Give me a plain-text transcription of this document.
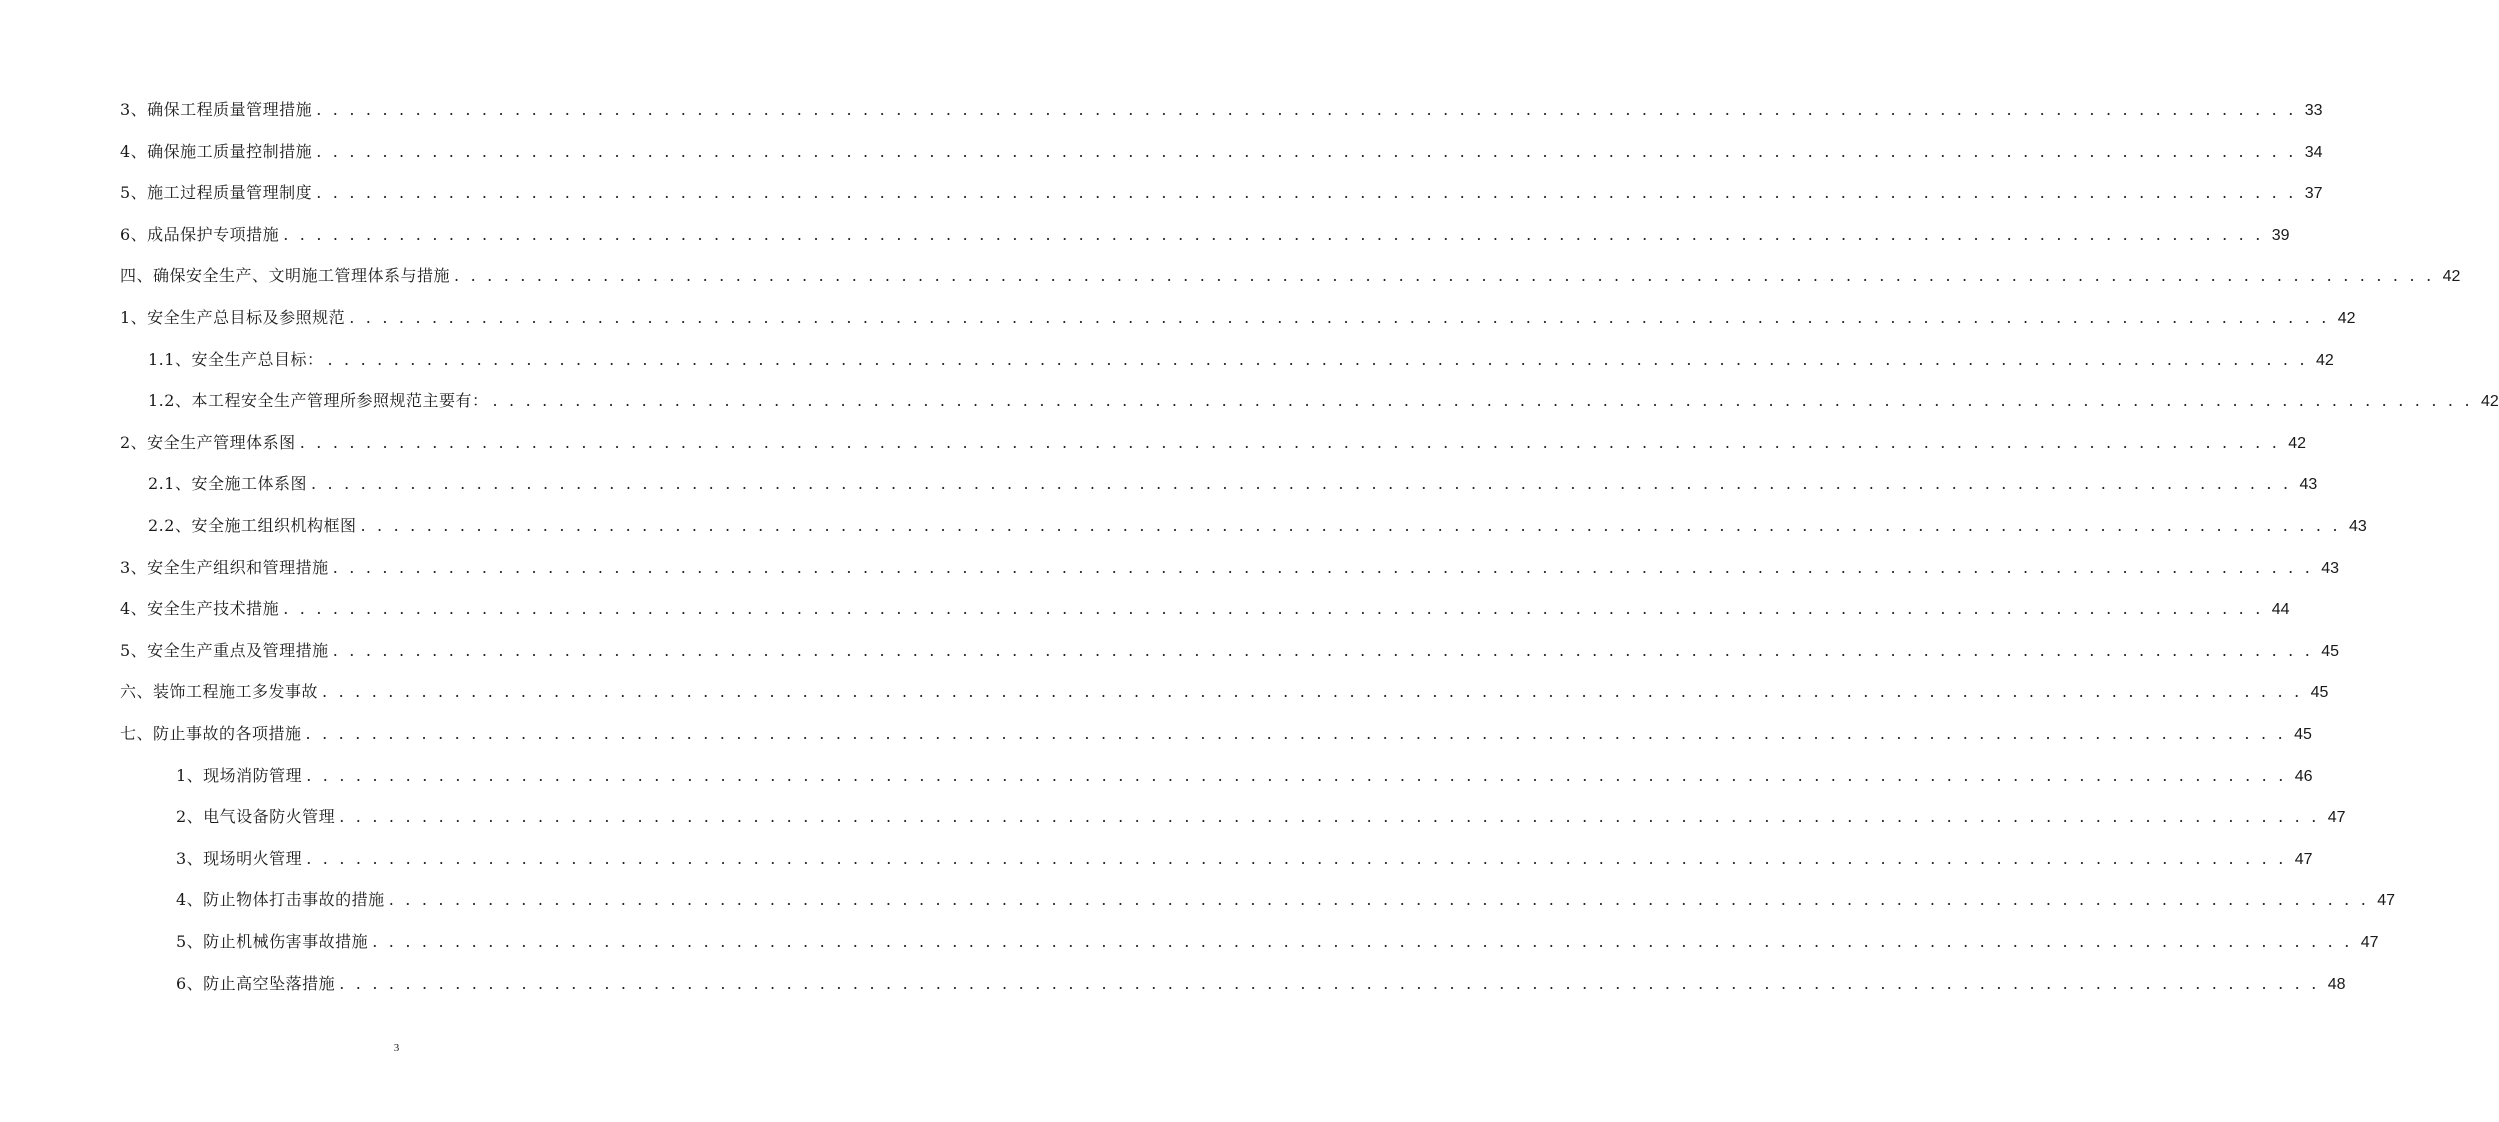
3、确保工程质量管理措施 . . . . . . . . . . . . . . . . . . . . . . . . . . . . . . . . . . . . . . . . . . . . . . . . . . . . . . . . . . . . . . . . . . . . . . . . . . . . . . . . . . . . . . . . . . . . . . . . . . . . . . . . . . . . . . . . . . . . . . . . 33
4、确保施工质量控制措施 . . . . . . . . . . . . . . . . . . . . . . . . . . . . . . . . . . . . . . . . . . . . . . . . . . . . . . . . . . . . . . . . . . . . . . . . . . . . . . . . . . . . . . . . . . . . . . . . . . . . . . . . . . . . . . . . . . . . . . . . 34
5、施工过程质量管理制度 . . . . . . . . . . . . . . . . . . . . . . . . . . . . . . . . . . . . . . . . . . . . . . . . . . . . . . . . . . . . . . . . . . . . . . . . . . . . . . . . . . . . . . . . . . . . . . . . . . . . . . . . . . . . . . . . . . . . . . . . 37
6、成品保护专项措施 . . . . . . . . . . . . . . . . . . . . . . . . . . . . . . . . . . . . . . . . . . . . . . . . . . . . . . . . . . . . . . . . . . . . . . . . . . . . . . . . . . . . . . . . . . . . . . . . . . . . . . . . . . . . . . . . . . . . . . . . 39
四、确保安全生产、文明施工管理体系与措施 . . . . . . . . . . . . . . . . . . . . . . . . . . . . . . . . . . . . . . . . . . . . . . . . . . . . . . . . . . . . . . . . . . . . . . . . . . . . . . . . . . . . . . . . . . . . . . . . . . . . . . . . . . . . . . . . . . . . . . . . 42
1、安全生产总目标及参照规范 . . . . . . . . . . . . . . . . . . . . . . . . . . . . . . . . . . . . . . . . . . . . . . . . . . . . . . . . . . . . . . . . . . . . . . . . . . . . . . . . . . . . . . . . . . . . . . . . . . . . . . . . . . . . . . . . . . . . . . . . 42
1.1、安全生产总目标： . . . . . . . . . . . . . . . . . . . . . . . . . . . . . . . . . . . . . . . . . . . . . . . . . . . . . . . . . . . . . . . . . . . . . . . . . . . . . . . . . . . . . . . . . . . . . . . . . . . . . . . . . . . . . . . . . . . . . . . . 42
1.2、本工程安全生产管理所参照规范主要有： . . . . . . . . . . . . . . . . . . . . . . . . . . . . . . . . . . . . . . . . . . . . . . . . . . . . . . . . . . . . . . . . . . . . . . . . . . . . . . . . . . . . . . . . . . . . . . . . . . . . . . . . . . . . . . . . . . . . . . . . 42
2、安全生产管理体系图 . . . . . . . . . . . . . . . . . . . . . . . . . . . . . . . . . . . . . . . . . . . . . . . . . . . . . . . . . . . . . . . . . . . . . . . . . . . . . . . . . . . . . . . . . . . . . . . . . . . . . . . . . . . . . . . . . . . . . . . . 42
2.1、安全施工体系图 . . . . . . . . . . . . . . . . . . . . . . . . . . . . . . . . . . . . . . . . . . . . . . . . . . . . . . . . . . . . . . . . . . . . . . . . . . . . . . . . . . . . . . . . . . . . . . . . . . . . . . . . . . . . . . . . . . . . . . . . 43
2.2、安全施工组织机构框图 . . . . . . . . . . . . . . . . . . . . . . . . . . . . . . . . . . . . . . . . . . . . . . . . . . . . . . . . . . . . . . . . . . . . . . . . . . . . . . . . . . . . . . . . . . . . . . . . . . . . . . . . . . . . . . . . . . . . . . . . 43
3、安全生产组织和管理措施 . . . . . . . . . . . . . . . . . . . . . . . . . . . . . . . . . . . . . . . . . . . . . . . . . . . . . . . . . . . . . . . . . . . . . . . . . . . . . . . . . . . . . . . . . . . . . . . . . . . . . . . . . . . . . . . . . . . . . . . . 43
4、安全生产技术措施 . . . . . . . . . . . . . . . . . . . . . . . . . . . . . . . . . . . . . . . . . . . . . . . . . . . . . . . . . . . . . . . . . . . . . . . . . . . . . . . . . . . . . . . . . . . . . . . . . . . . . . . . . . . . . . . . . . . . . . . . 44
5、安全生产重点及管理措施 . . . . . . . . . . . . . . . . . . . . . . . . . . . . . . . . . . . . . . . . . . . . . . . . . . . . . . . . . . . . . . . . . . . . . . . . . . . . . . . . . . . . . . . . . . . . . . . . . . . . . . . . . . . . . . . . . . . . . . . . 45
六、装饰工程施工多发事故 . . . . . . . . . . . . . . . . . . . . . . . . . . . . . . . . . . . . . . . . . . . . . . . . . . . . . . . . . . . . . . . . . . . . . . . . . . . . . . . . . . . . . . . . . . . . . . . . . . . . . . . . . . . . . . . . . . . . . . . . 45
七、防止事故的各项措施 . . . . . . . . . . . . . . . . . . . . . . . . . . . . . . . . . . . . . . . . . . . . . . . . . . . . . . . . . . . . . . . . . . . . . . . . . . . . . . . . . . . . . . . . . . . . . . . . . . . . . . . . . . . . . . . . . . . . . . . . 45
1、现场消防管理 . . . . . . . . . . . . . . . . . . . . . . . . . . . . . . . . . . . . . . . . . . . . . . . . . . . . . . . . . . . . . . . . . . . . . . . . . . . . . . . . . . . . . . . . . . . . . . . . . . . . . . . . . . . . . . . . . . . . . . . . 46
2、电气设备防火管理 . . . . . . . . . . . . . . . . . . . . . . . . . . . . . . . . . . . . . . . . . . . . . . . . . . . . . . . . . . . . . . . . . . . . . . . . . . . . . . . . . . . . . . . . . . . . . . . . . . . . . . . . . . . . . . . . . . . . . . . . 47
3、现场明火管理 . . . . . . . . . . . . . . . . . . . . . . . . . . . . . . . . . . . . . . . . . . . . . . . . . . . . . . . . . . . . . . . . . . . . . . . . . . . . . . . . . . . . . . . . . . . . . . . . . . . . . . . . . . . . . . . . . . . . . . . . 47
4、防止物体打击事故的措施 . . . . . . . . . . . . . . . . . . . . . . . . . . . . . . . . . . . . . . . . . . . . . . . . . . . . . . . . . . . . . . . . . . . . . . . . . . . . . . . . . . . . . . . . . . . . . . . . . . . . . . . . . . . . . . . . . . . . . . . . 47
5、防止机械伤害事故措施 . . . . . . . . . . . . . . . . . . . . . . . . . . . . . . . . . . . . . . . . . . . . . . . . . . . . . . . . . . . . . . . . . . . . . . . . . . . . . . . . . . . . . . . . . . . . . . . . . . . . . . . . . . . . . . . . . . . . . . . . 47
6、防止高空坠落措施 . . . . . . . . . . . . . . . . . . . . . . . . . . . . . . . . . . . . . . . . . . . . . . . . . . . . . . . . . . . . . . . . . . . . . . . . . . . . . . . . . . . . . . . . . . . . . . . . . . . . . . . . . . . . . . . . . . . . . . . . 48
3
